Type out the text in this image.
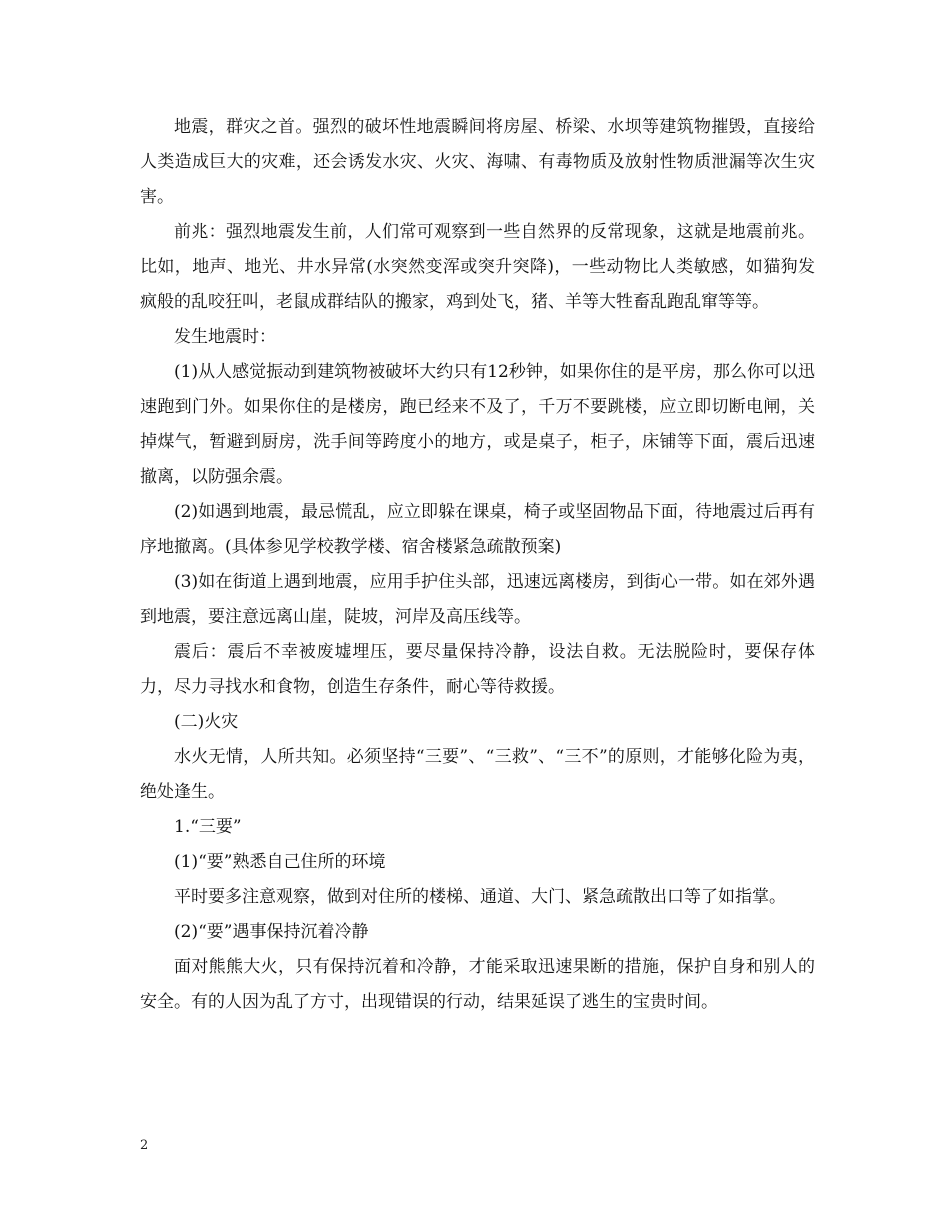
地震，群灾之首。强烈的破坏性地震瞬间将房屋、桥梁、水坝等建筑物摧毁，直接给人类造成巨大的灾难，还会诱发水灾、火灾、海啸、有毒物质及放射性物质泄漏等次生灾害。

前兆：强烈地震发生前，人们常可观察到一些自然界的反常现象，这就是地震前兆。比如，地声、地光、井水异常(水突然变浑或突升突降)，一些动物比人类敏感，如猫狗发疯般的乱咬狂叫，老鼠成群结队的搬家，鸡到处飞，猪、羊等大牲畜乱跑乱窜等等。

发生地震时：

(1)从人感觉振动到建筑物被破坏大约只有12秒钟，如果你住的是平房，那么你可以迅速跑到门外。如果你住的是楼房，跑已经来不及了，千万不要跳楼，应立即切断电闸，关掉煤气，暂避到厨房，洗手间等跨度小的地方，或是桌子，柜子，床铺等下面，震后迅速撤离，以防强余震。

(2)如遇到地震，最忌慌乱，应立即躲在课桌，椅子或坚固物品下面，待地震过后再有序地撤离。(具体参见学校教学楼、宿舍楼紧急疏散预案)

(3)如在街道上遇到地震，应用手护住头部，迅速远离楼房，到街心一带。如在郊外遇到地震，要注意远离山崖，陡坡，河岸及高压线等。

震后：震后不幸被废墟埋压，要尽量保持冷静，设法自救。无法脱险时，要保存体力，尽力寻找水和食物，创造生存条件，耐心等待救援。

(二)火灾

水火无情，人所共知。必须坚持“三要”、“三救”、“三不”的原则，才能够化险为夷，绝处逢生。

1.“三要”

(1)“要”熟悉自己住所的环境

平时要多注意观察，做到对住所的楼梯、通道、大门、紧急疏散出口等了如指掌。

(2)“要”遇事保持沉着冷静

面对熊熊大火，只有保持沉着和冷静，才能采取迅速果断的措施，保护自身和别人的安全。有的人因为乱了方寸，出现错误的行动，结果延误了逃生的宝贵时间。

2
